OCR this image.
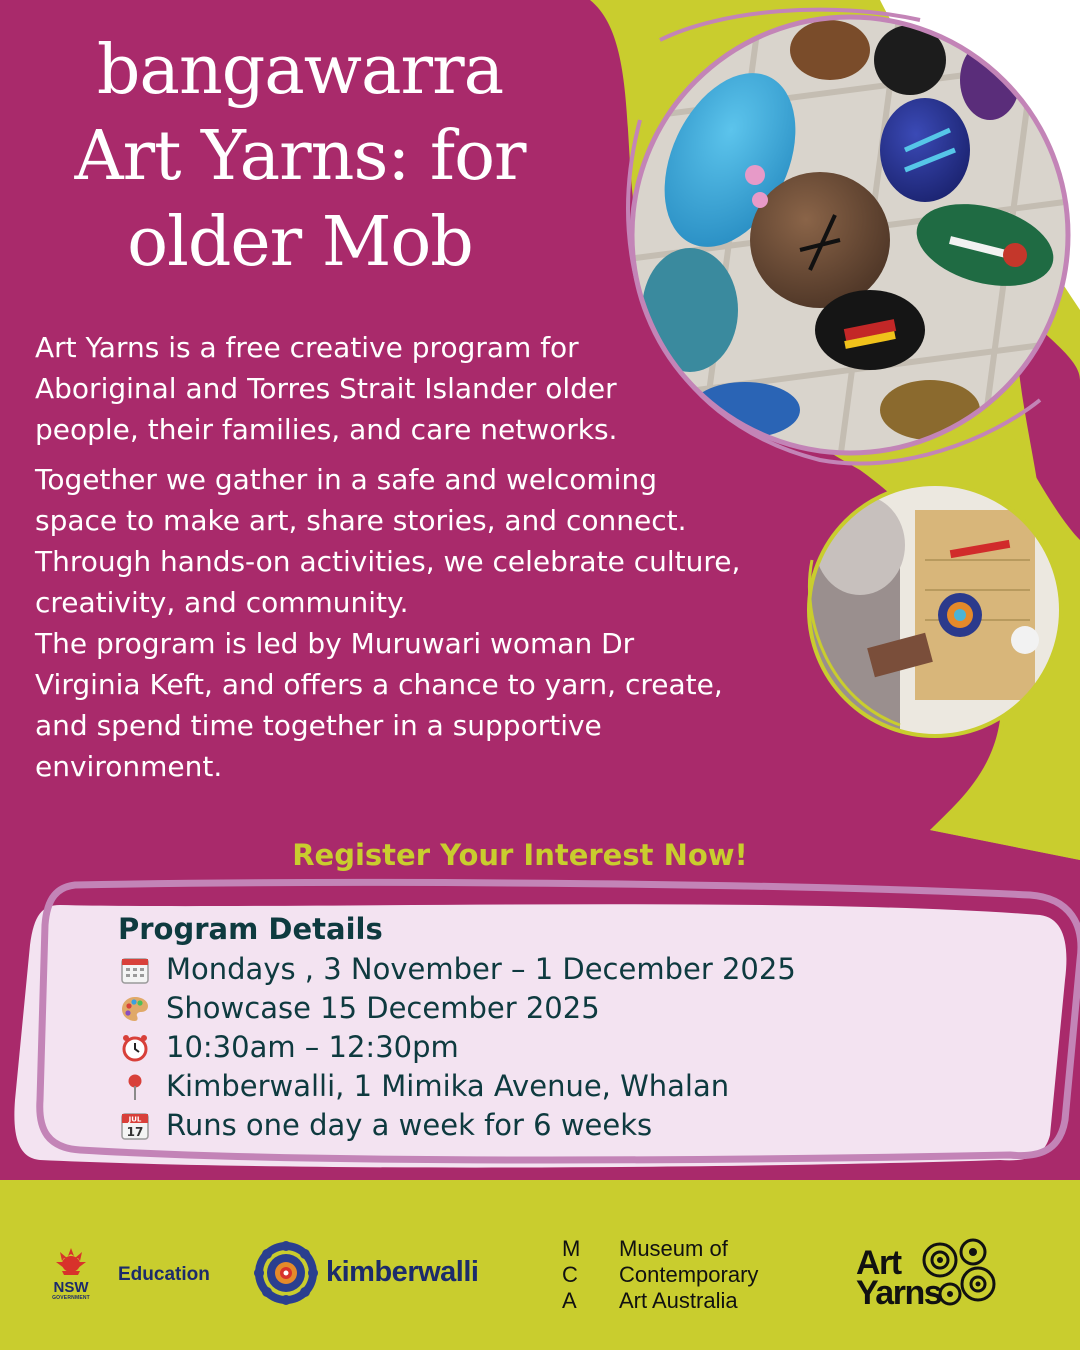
bangawarra
Art Yarns: for
older Mob
Art Yarns is a free creative program for
Aboriginal and Torres Strait Islander older
people, their families, and care networks.
Together we gather in a safe and welcoming
space to make art, share stories, and connect.
Through hands-on activities, we celebrate culture,
creativity, and community.
The program is led by Muruwari woman Dr
Virginia Keft, and offers a chance to yarn, create,
and spend time together in a supportive
environment.
Register Your Interest Now!
Program Details
Mondays , 3 November – 1 December 2025
Showcase 15 December 2025
10:30am – 12:30pm
Kimberwalli, 1 Mimika Avenue, Whalan
JUL
17 Runs one day a week for 6 weeks
NSW
GOVERNMENT
Education	kimberwalli
M	Museum of
C	Contemporary
A	Art Australia
Art
Yarns
